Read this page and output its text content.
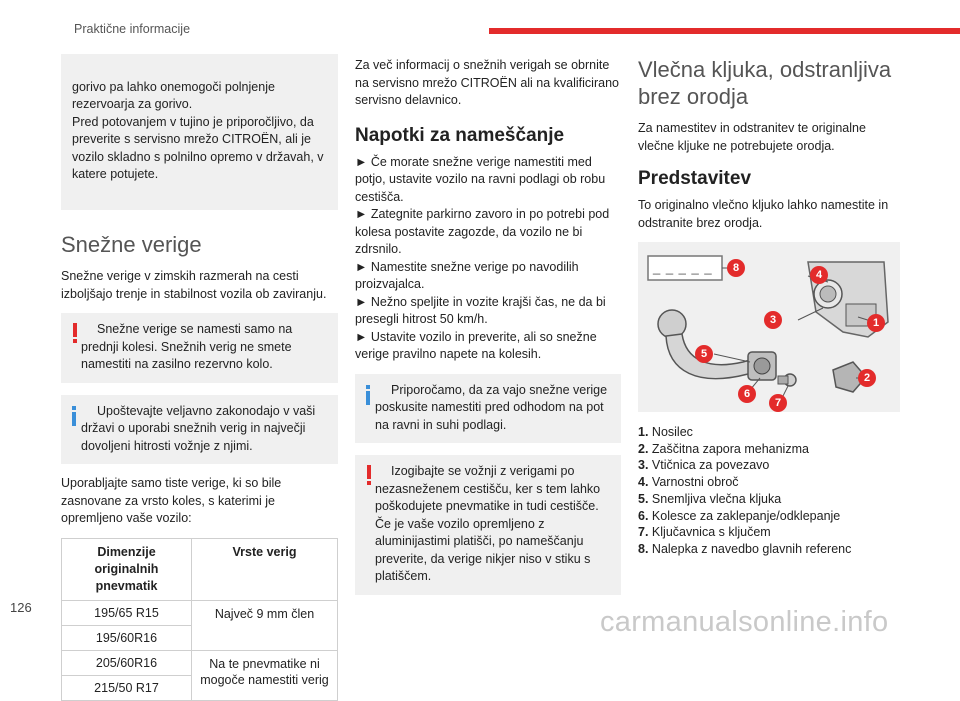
Praktične informacije

gorivo pa lahko onemogoči polnjenje rezervoarja za gorivo.
Pred potovanjem v tujino je priporočljivo, da preverite s servisno mrežo CITROËN, ali je vozilo skladno s polnilno opremo v državah, v katere potujete.

Snežne verige
Snežne verige v zimskih razmerah na cesti izboljšajo trenje in stabilnost vozila ob zaviranju.
Snežne verige se namesti samo na prednji kolesi. Snežnih verig ne smete namestiti na zasilno rezervno kolo.
Upoštevajte veljavno zakonodajo v vaši državi o uporabi snežnih verig in največji dovoljeni hitrosti vožnje z njimi.
Uporabljajte samo tiste verige, ki so bile zasnovane za vrsto koles, s katerimi je opremljeno vaše vozilo:
Dimenzije originalnih pnevmatik	Vrste verig
195/65 R15	Največ 9 mm člen
195/60R16	
205/60R16	Na te pnevmatike ni mogoče namestiti verig
215/50 R17	
Za več informacij o snežnih verigah se obrnite na servisno mrežo CITROËN ali na kvalificirano servisno delavnico.
Napotki za nameščanje
► Če morate snežne verige namestiti med potjo, ustavite vozilo na ravni podlagi ob robu cestišča.
► Zategnite parkirno zavoro in po potrebi pod kolesa postavite zagozde, da vozilo ne bi zdrsnilo.
► Namestite snežne verige po navodilih proizvajalca.
► Nežno speljite in vozite krajši čas, ne da bi presegli hitrost 50 km/h.
► Ustavite vozilo in preverite, ali so snežne verige pravilno napete na kolesih.
Priporočamo, da za vajo snežne verige poskusite namestiti pred odhodom na pot na ravni in suhi podlagi.
Izogibajte se vožnji z verigami po nezasneženem cestišču, ker s tem lahko poškodujete pnevmatike in tudi cestišče. Če je vaše vozilo opremljeno z aluminijastimi platišči, po nameščanju preverite, da verige nikjer niso v stiku s platiščem.
Vlečna kljuka, odstranljiva brez orodja
Za namestitev in odstranitev te originalne vlečne kljuke ne potrebujete orodja.
Predstavitev
To originalno vlečno kljuko lahko namestite in odstranite brez orodja.
8
4
1
3
5
6
7
2
_ _ _ _ _
1. Nosilec
2. Zaščitna zapora mehanizma
3. Vtičnica za povezavo
4. Varnostni obroč
5. Snemljiva vlečna kljuka
6. Kolesce za zaklepanje/odklepanje
7. Ključavnica s ključem
8. Nalepka z navedbo glavnih referenc
126	carmanualsonline.info
